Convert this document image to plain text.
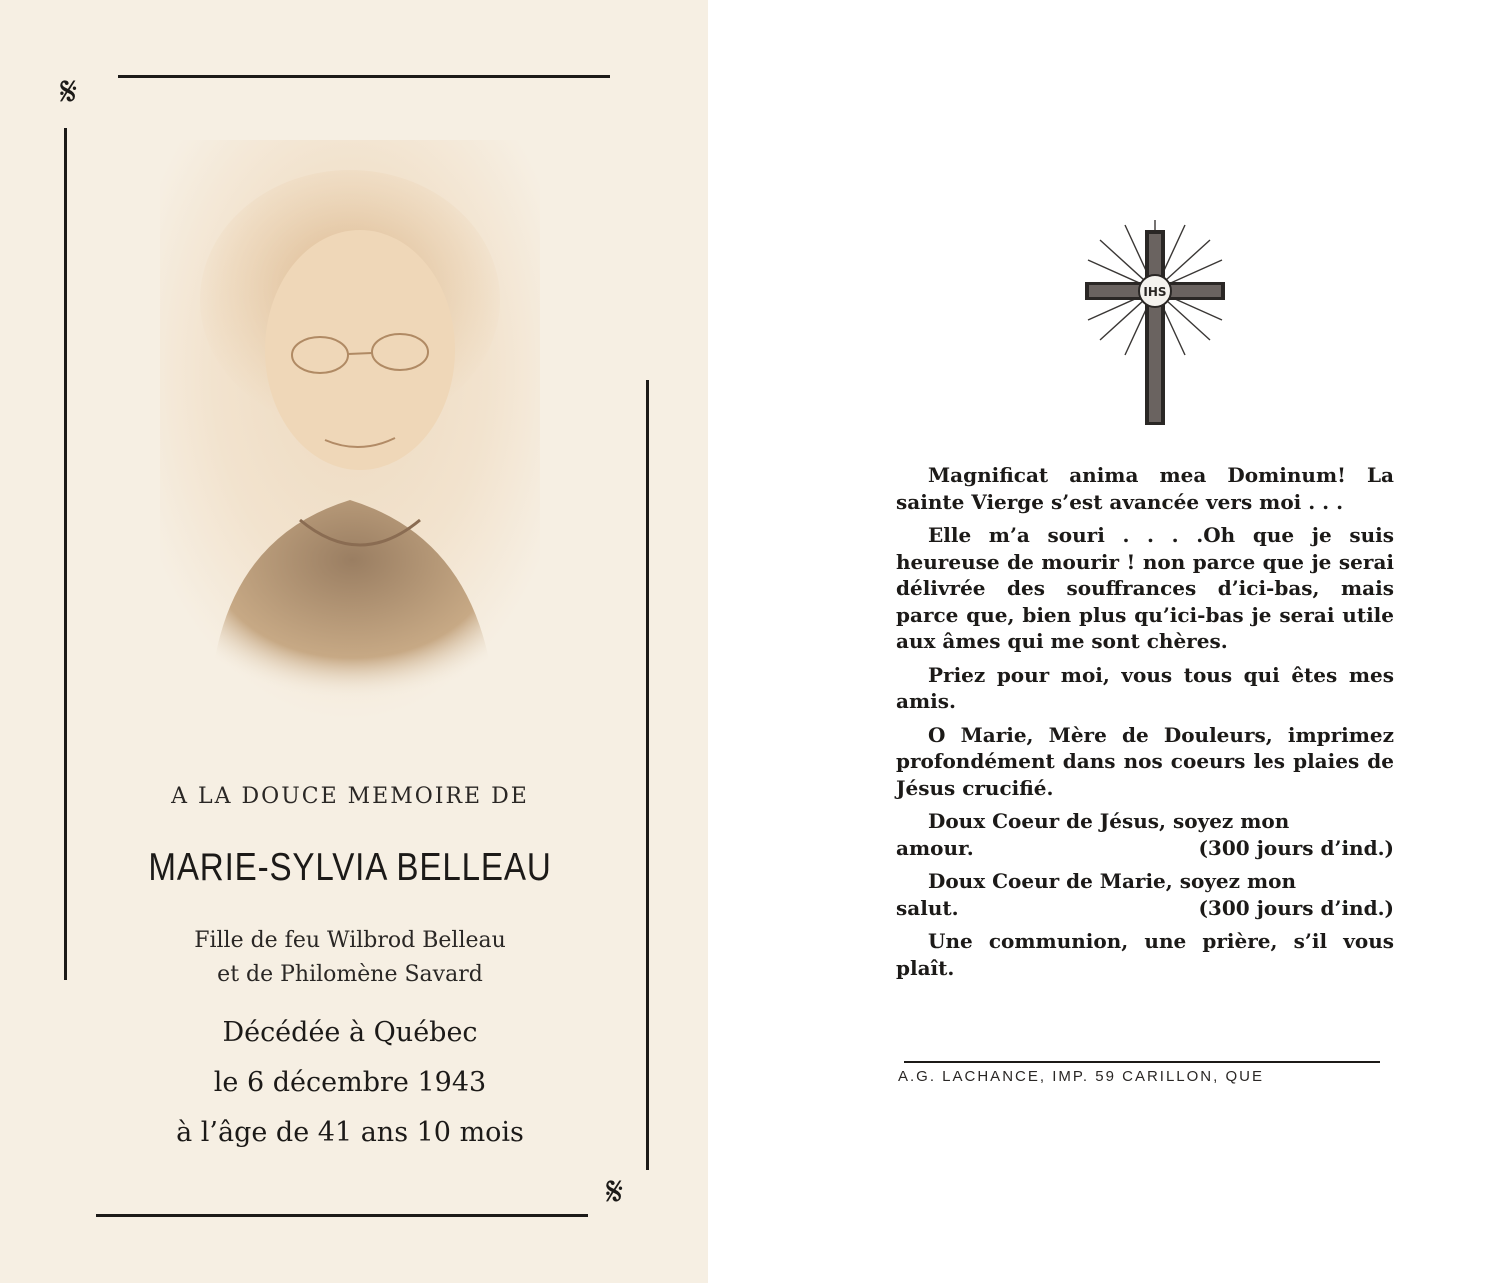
𝄋
𝄋
A LA DOUCE MEMOIRE DE
MARIE-SYLVIA BELLEAU
Fille de feu Wilbrod Belleau
et de Philomène Savard
Décédée à Québec
le 6 décembre 1943
à l’âge de 41 ans 10 mois
IHS

Magnificat anima mea Dominum! La sainte Vierge s’est avancée vers moi . . .

Elle m’a souri . . . .Oh que je suis heureuse de mourir ! non parce que je serai délivrée des souffrances d’ici-bas, mais parce que, bien plus qu’ici-bas je serai utile aux âmes qui me sont chères.

Priez pour moi, vous tous qui êtes mes amis.

O Marie, Mère de Douleurs, imprimez profondément dans nos coeurs les plaies de Jésus crucifié.

Doux Coeur de Jésus, soyez mon
amour.	(300 jours d’ind.)

Doux Coeur de Marie, soyez mon
salut.	(300 jours d’ind.)

Une communion, une prière, s’il vous plaît.

A.G. LACHANCE, IMP. 59 CARILLON, QUE
